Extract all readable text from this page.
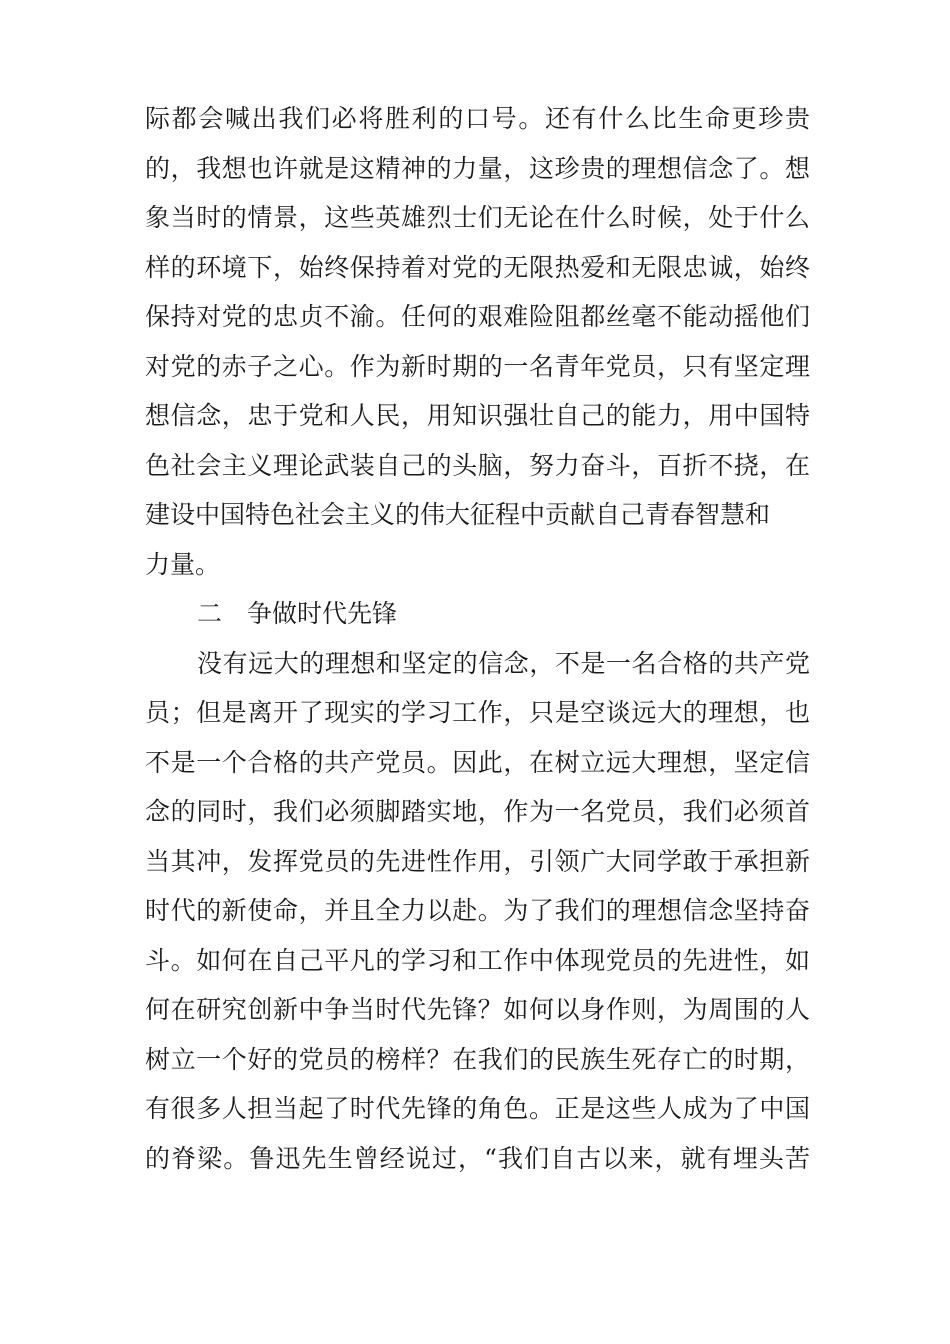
际都会喊出我们必将胜利的口号。还有什么比生命更珍贵
的，我想也许就是这精神的力量，这珍贵的理想信念了。想
象当时的情景，这些英雄烈士们无论在什么时候，处于什么
样的环境下，始终保持着对党的无限热爱和无限忠诚，始终
保持对党的忠贞不渝。任何的艰难险阻都丝毫不能动摇他们
对党的赤子之心。作为新时期的一名青年党员，只有坚定理
想信念，忠于党和人民，用知识强壮自己的能力，用中国特
色社会主义理论武装自己的头脑，努力奋斗，百折不挠，在
建设中国特色社会主义的伟大征程中贡献自己青春智慧和
力量。
二　争做时代先锋
没有远大的理想和坚定的信念，不是一名合格的共产党
员；但是离开了现实的学习工作，只是空谈远大的理想，也
不是一个合格的共产党员。因此，在树立远大理想，坚定信
念的同时，我们必须脚踏实地，作为一名党员，我们必须首
当其冲，发挥党员的先进性作用，引领广大同学敢于承担新
时代的新使命，并且全力以赴。为了我们的理想信念坚持奋
斗。如何在自己平凡的学习和工作中体现党员的先进性，如
何在研究创新中争当时代先锋？如何以身作则，为周围的人
树立一个好的党员的榜样？在我们的民族生死存亡的时期，
有很多人担当起了时代先锋的角色。正是这些人成为了中国
的脊梁。鲁迅先生曾经说过，“我们自古以来，就有埋头苦
